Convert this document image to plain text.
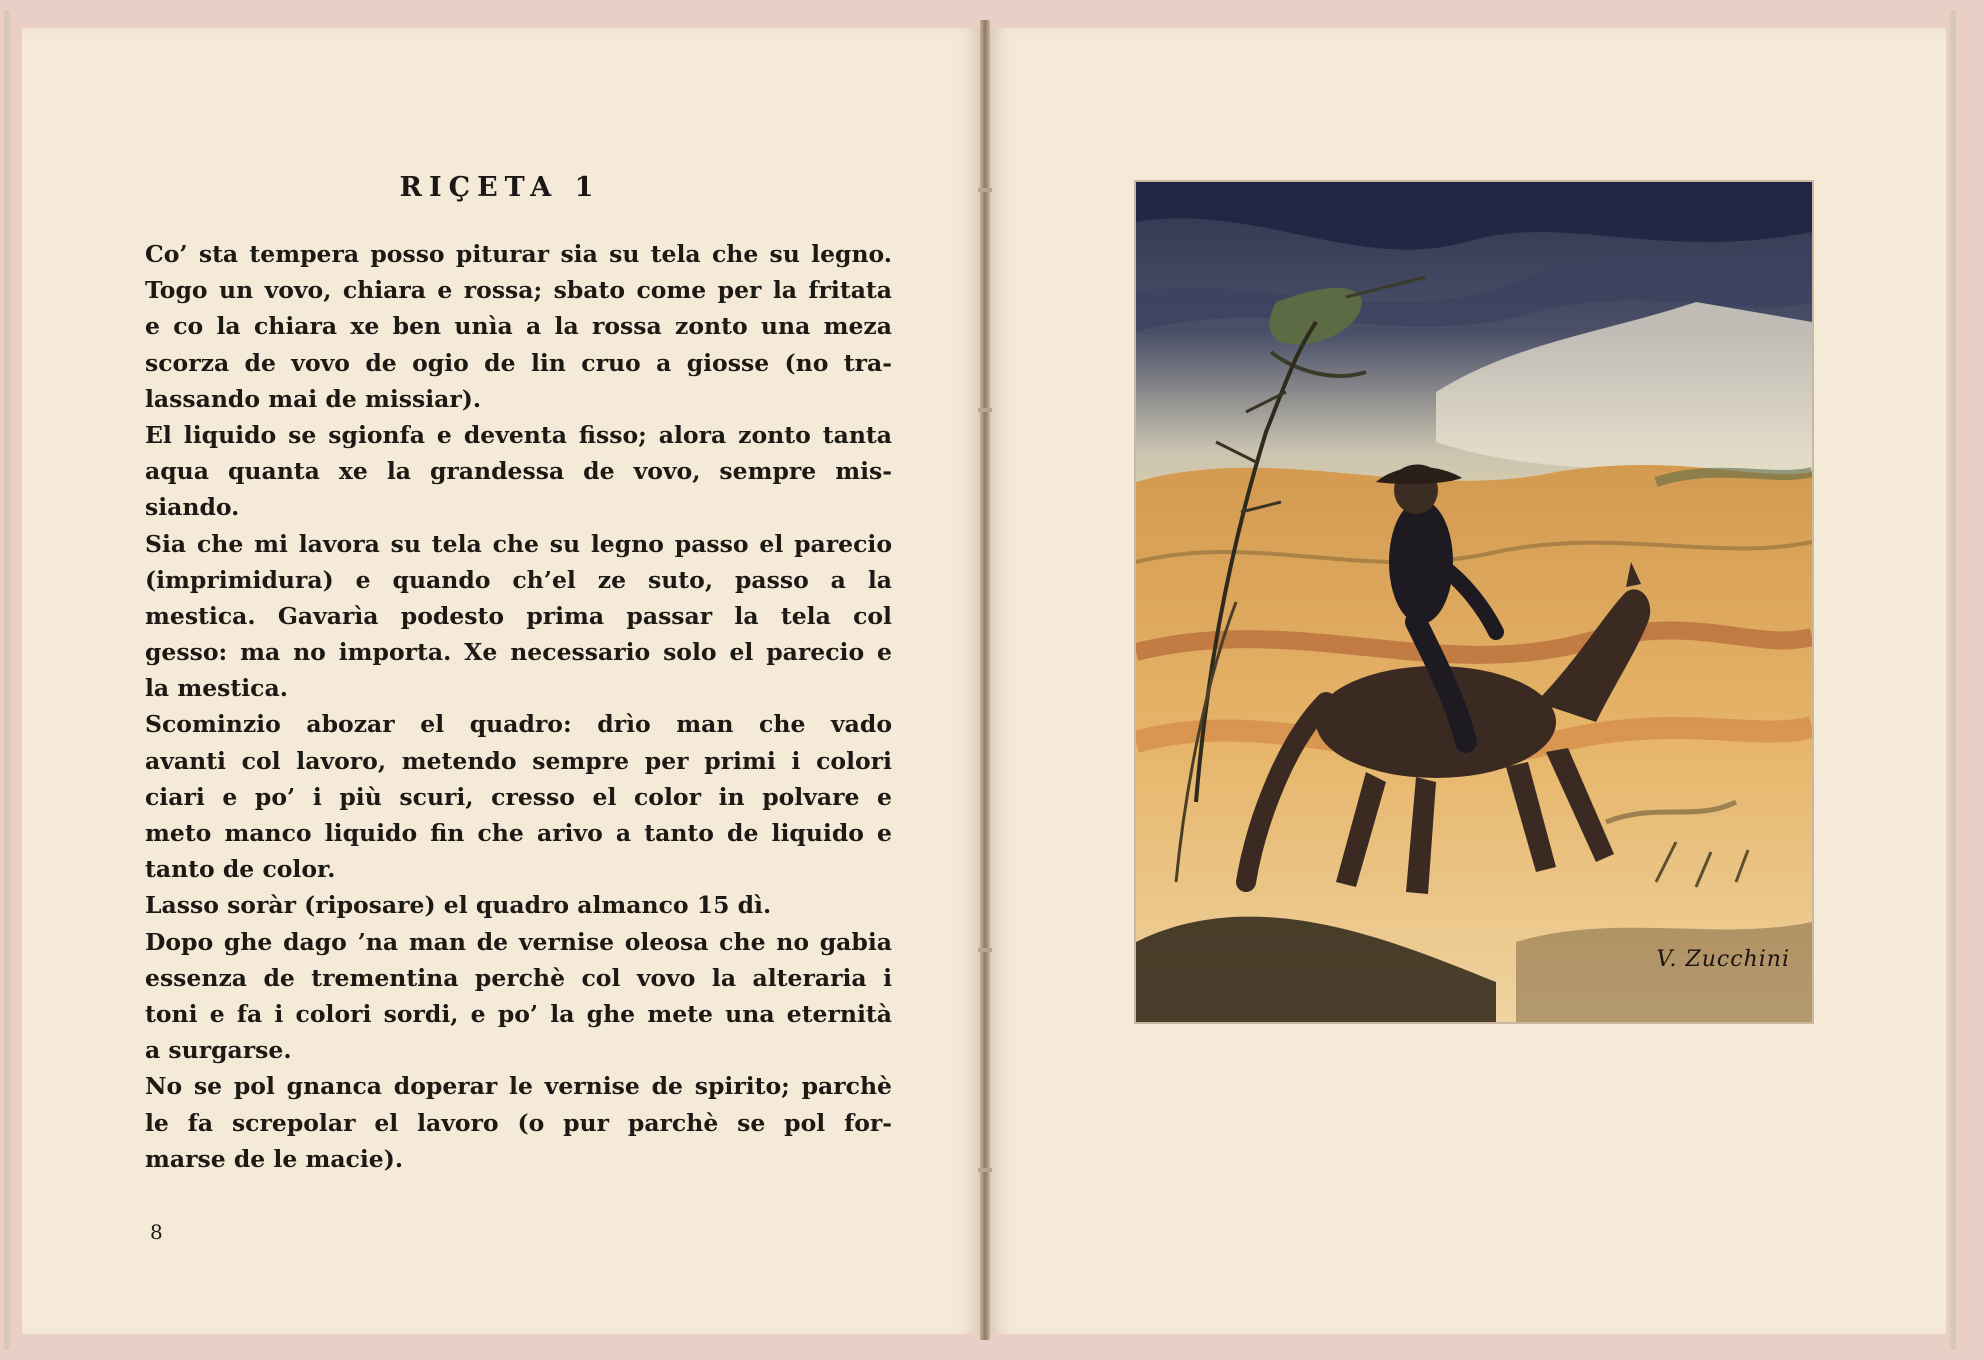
RIÇETA 1
Co’ sta tempera posso piturar sia su tela che su legno.
Togo un vovo, chiara e rossa; sbato come per la fritata
e co la chiara xe ben unìa a la rossa zonto una meza
scorza de vovo de ogio de lin cruo a giosse (no tra-
lassando mai de missiar).
El liquido se sgionfa e deventa fisso; alora zonto tanta
aqua quanta xe la grandessa de vovo, sempre mis-
siando.
Sia che mi lavora su tela che su legno passo el parecio
(imprimidura) e quando ch’el ze suto, passo a la
mestica. Gavarìa podesto prima passar la tela col
gesso: ma no importa. Xe necessario solo el parecio e
la mestica.
Scominzio abozar el quadro: drìo man che vado
avanti col lavoro, metendo sempre per primi i colori
ciari e po’ i più scuri, cresso el color in polvare e
meto manco liquido fin che arivo a tanto de liquido e
tanto de color.
Lasso soràr (riposare) el quadro almanco 15 dì.
Dopo ghe dago ’na man de vernise oleosa che no gabia
essenza de trementina perchè col vovo la alteraria i
toni e fa i colori sordi, e po’ la ghe mete una eternità
a surgarse.
No se pol gnanca doperar le vernise de spirito; parchè
le fa screpolar el lavoro (o pur parchè se pol for-
marse de le macie).
8
V. Zucchini
